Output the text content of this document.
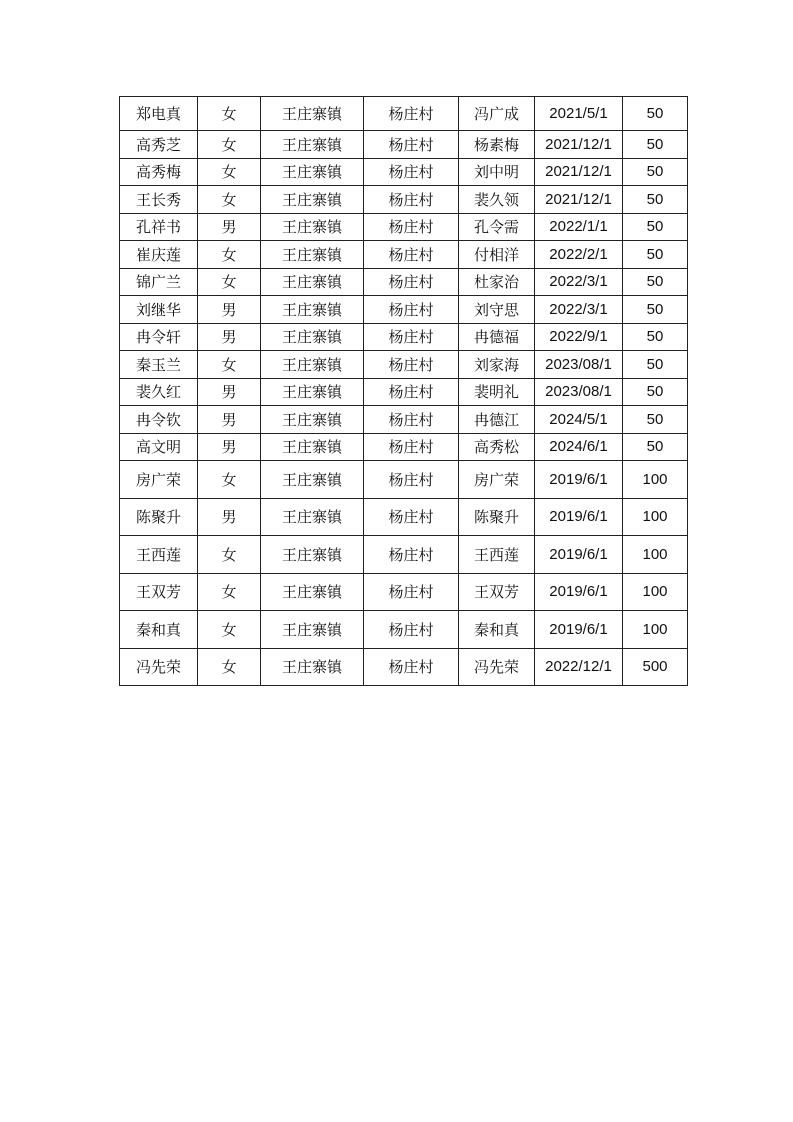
郑电真	女	王庄寨镇	杨庄村	冯广成	2021/5/1	50
高秀芝	女	王庄寨镇	杨庄村	杨素梅	2021/12/1	50
高秀梅	女	王庄寨镇	杨庄村	刘中明	2021/12/1	50
王长秀	女	王庄寨镇	杨庄村	裴久领	2021/12/1	50
孔祥书	男	王庄寨镇	杨庄村	孔令需	2022/1/1	50
崔庆莲	女	王庄寨镇	杨庄村	付相洋	2022/2/1	50
锦广兰	女	王庄寨镇	杨庄村	杜家治	2022/3/1	50
刘继华	男	王庄寨镇	杨庄村	刘守思	2022/3/1	50
冉令轩	男	王庄寨镇	杨庄村	冉德福	2022/9/1	50
秦玉兰	女	王庄寨镇	杨庄村	刘家海	2023/08/1	50
裴久红	男	王庄寨镇	杨庄村	裴明礼	2023/08/1	50
冉令钦	男	王庄寨镇	杨庄村	冉德江	2024/5/1	50
高文明	男	王庄寨镇	杨庄村	高秀松	2024/6/1	50
房广荣	女	王庄寨镇	杨庄村	房广荣	2019/6/1	100
陈聚升	男	王庄寨镇	杨庄村	陈聚升	2019/6/1	100
王西莲	女	王庄寨镇	杨庄村	王西莲	2019/6/1	100
王双芳	女	王庄寨镇	杨庄村	王双芳	2019/6/1	100
秦和真	女	王庄寨镇	杨庄村	秦和真	2019/6/1	100
冯先荣	女	王庄寨镇	杨庄村	冯先荣	2022/12/1	500
